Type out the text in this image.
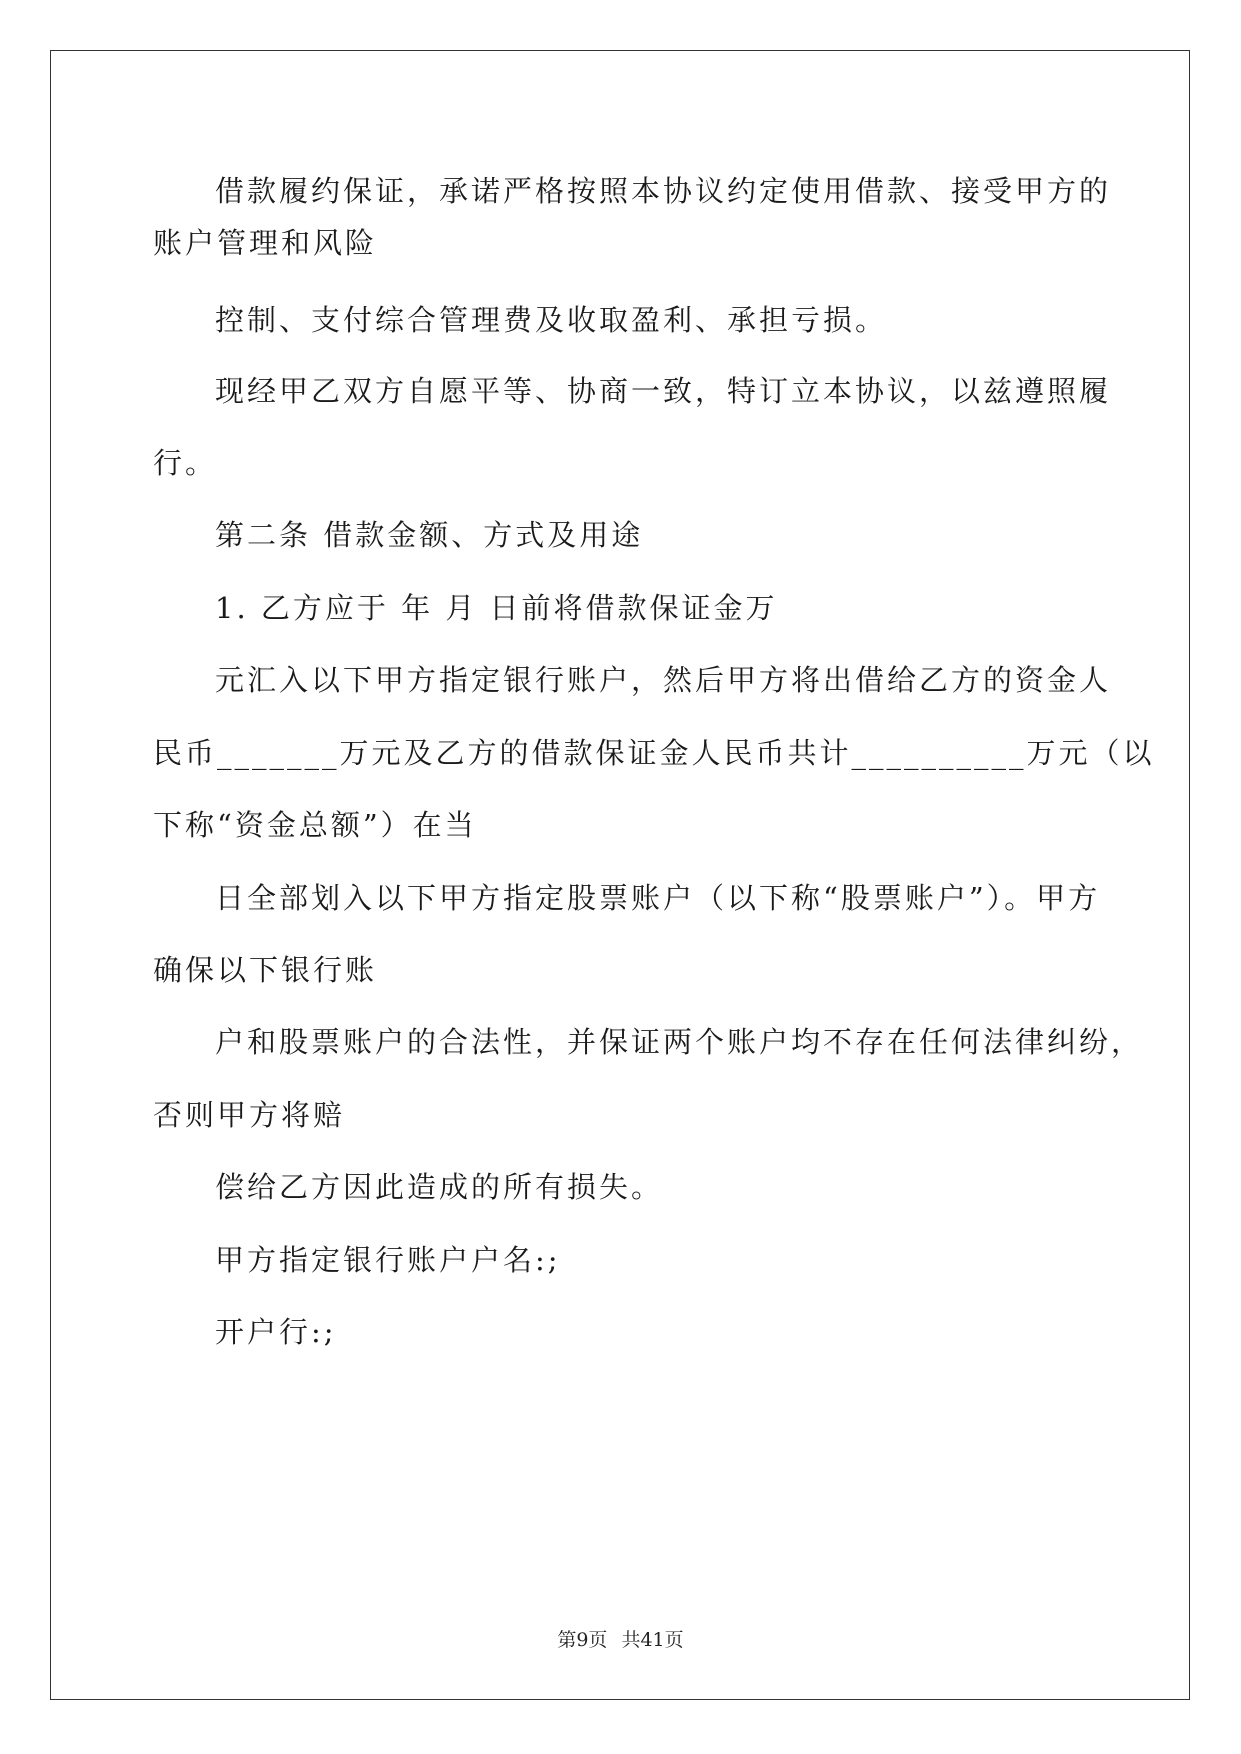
借款履约保证，承诺严格按照本协议约定使用借款、接受甲方的
账户管理和风险
控制、支付综合管理费及收取盈利、承担亏损。
现经甲乙双方自愿平等、协商一致，特订立本协议，以兹遵照履
行。
第二条 借款金额、方式及用途
1. 乙方应于 年 月 日前将借款保证金万
元汇入以下甲方指定银行账户，然后甲方将出借给乙方的资金人
民币_______万元及乙方的借款保证金人民币共计__________万元（以
下称“资金总额”）在当
日全部划入以下甲方指定股票账户（以下称“股票账户”）。甲方
确保以下银行账
户和股票账户的合法性，并保证两个账户均不存在任何法律纠纷，
否则甲方将赔
偿给乙方因此造成的所有损失。
甲方指定银行账户户名:;
开户行:;
第9页 共41页
